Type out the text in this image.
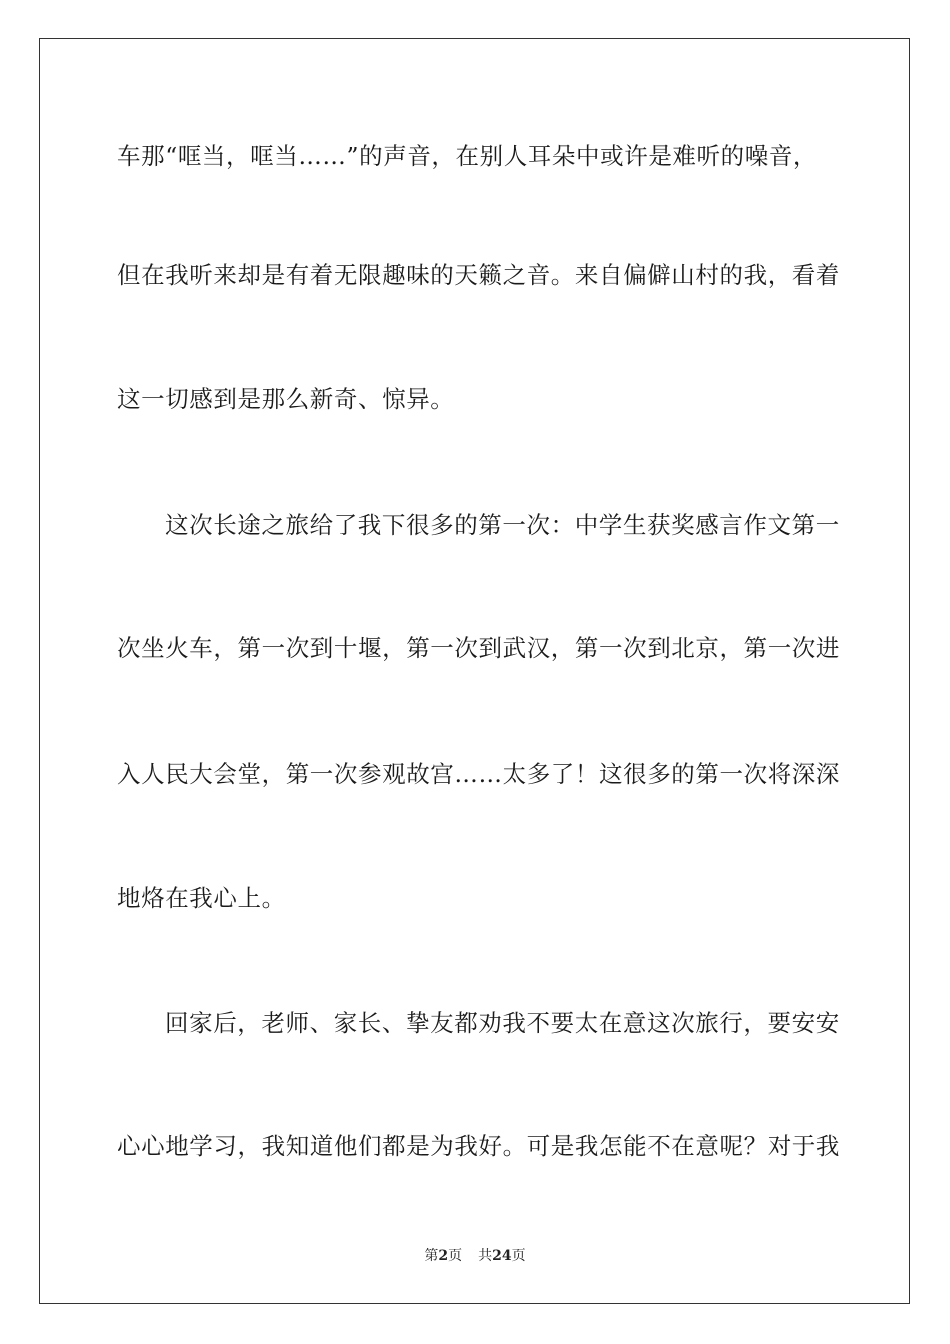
车那“哐当，哐当……”的声音，在别人耳朵中或许是难听的噪音，
但在我听来却是有着无限趣味的天籁之音。来自偏僻山村的我，看着
这一切感到是那么新奇、惊异。
这次长途之旅给了我下很多的第一次：中学生获奖感言作文第一
次坐火车，第一次到十堰，第一次到武汉，第一次到北京，第一次进
入人民大会堂，第一次参观故宫……太多了！这很多的第一次将深深
地烙在我心上。
回家后，老师、家长、挚友都劝我不要太在意这次旅行，要安安
心心地学习，我知道他们都是为我好。可是我怎能不在意呢？对于我
第2页 共24页
